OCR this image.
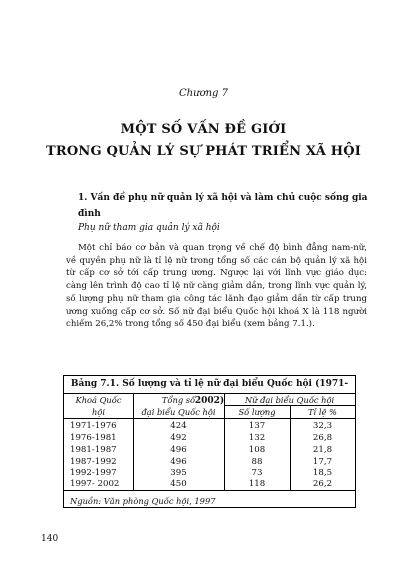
Chương 7
MỘT SỐ VẤN ĐỀ GIỚI
TRONG QUẢN LÝ SỰ PHÁT TRIỂN XÃ HỘI
1. Vấn đề phụ nữ quản lý xã hội và làm chủ cuộc sống gia đình
Phụ nữ tham gia quản lý xã hội
Một chỉ báo cơ bản và quan trọng về chế độ bình đẳng nam-nữ, về quyền phụ nữ là tỉ lệ nữ trong tổng số các cán bộ quản lý xã hội từ cấp cơ sở tới cấp trung ương. Ngược lại với lĩnh vực giáo dục: càng lên trình độ cao tỉ lệ nữ càng giảm dần, trong lĩnh vực quản lý, số lượng phụ nữ tham gia công tác lãnh đạo giảm dần từ cấp trung ương xuống cấp cơ sở. Số nữ đại biểu Quốc hội khoá X là 118 người chiếm 26,2% trong tổng số 450 đại biểu (xem bảng 7.1.).
Bảng 7.1. Số lượng và tỉ lệ nữ đại biểu Quốc hội (1971-2002)
Khoá Quốc
hội
Tổng số
đại biểu Quốc hội
Nữ đại biểu Quốc hội
Số lượng	Tỉ lệ %
1971-1976	424	137	32,3
1976-1981	492	132	26,8
1981-1987	496	108	21,8
1987-1992	496	88	17,7
1992-1997	395	73	18,5
1997- 2002	450	118	26,2
Nguồn: Văn phòng Quốc hội, 1997
140
